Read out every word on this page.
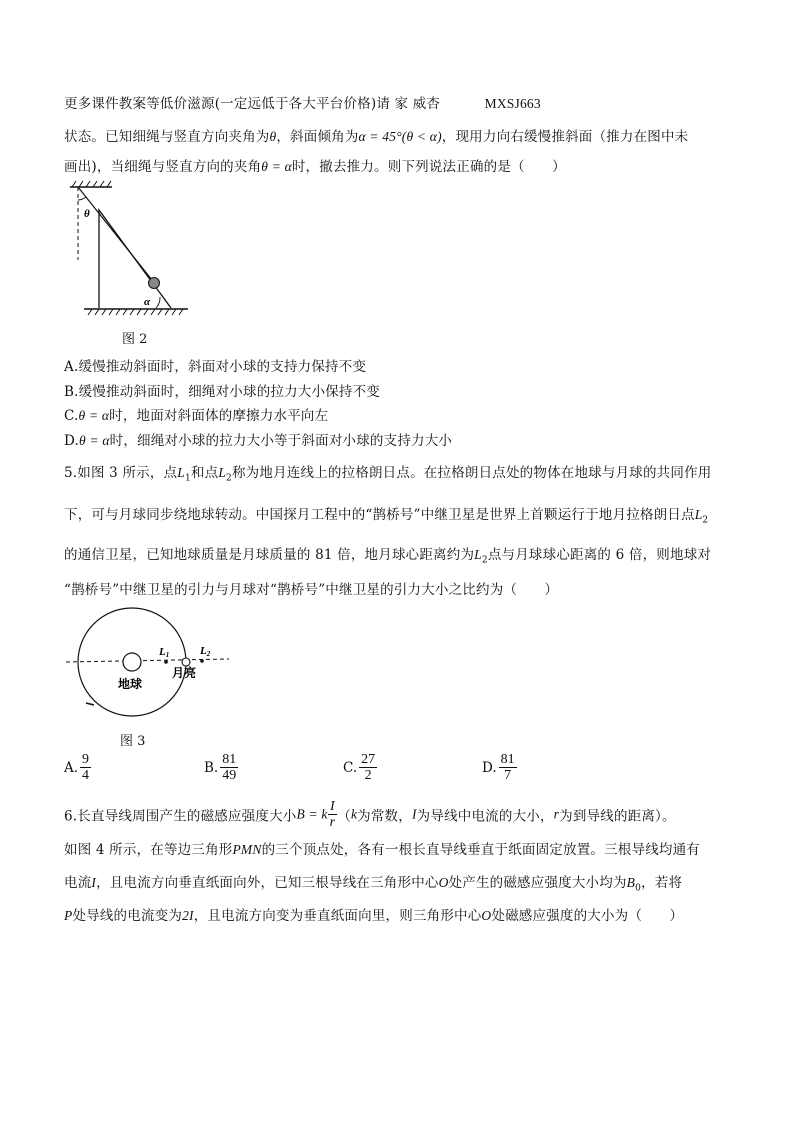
更多课件教案等低价滋源(一定远低于各大平台价格)请 家 威杏	MXSJ663
状态。已知细绳与竖直方向夹角为θ，斜面倾角为α = 45°(θ < α)，现用力向右缓慢推斜面（推力在图中未
画出)，当细绳与竖直方向的夹角θ = α时，撤去推力。则下列说法正确的是（　　）
θ
α
图 2
A.缓慢推动斜面时，斜面对小球的支持力保持不变
B.缓慢推动斜面时，细绳对小球的拉力大小保持不变
C.θ = α时，地面对斜面体的摩擦力水平向左
D.θ = α时，细绳对小球的拉力大小等于斜面对小球的支持力大小
5.如图 3 所示，点$L_1$和点$L_2$称为地月连线上的拉格朗日点。在拉格朗日点处的物体在地球与月球的共同作用
下，可与月球同步绕地球转动。中国探月工程中的“鹊桥号”中继卫星是世界上首颗运行于地月拉格朗日点$L_2$
的通信卫星，已知地球质量是月球质量的 81 倍，地月球心距离约为$L_2$点与月球球心距离的 6 倍，则地球对
“鹊桥号”中继卫星的引力与月球对“鹊桥号”中继卫星的引力大小之比约为（　　）
L1	L2
地球
月亮
图 3
A. $\frac{9}{4}$	B. $\frac{81}{49}$	C. $\frac{27}{2}$	D. $\frac{81}{7}$
6.长直导线周围产生的磁感应强度大小B = k $\frac{I}{r} (k$为常数，I为导线中电流的大小，r为到导线的距离）。
如图 4 所示，在等边三角形PMN的三个顶点处，各有一根长直导线垂直于纸面固定放置。三根导线均通有
电流I，且电流方向垂直纸面向外，已知三根导线在三角形中心O处产生的磁感应强度大小均为$B_0$，若将
P处导线的电流变为2I，且电流方向变为垂直纸面向里，则三角形中心O处磁感应强度的大小为（　　）
